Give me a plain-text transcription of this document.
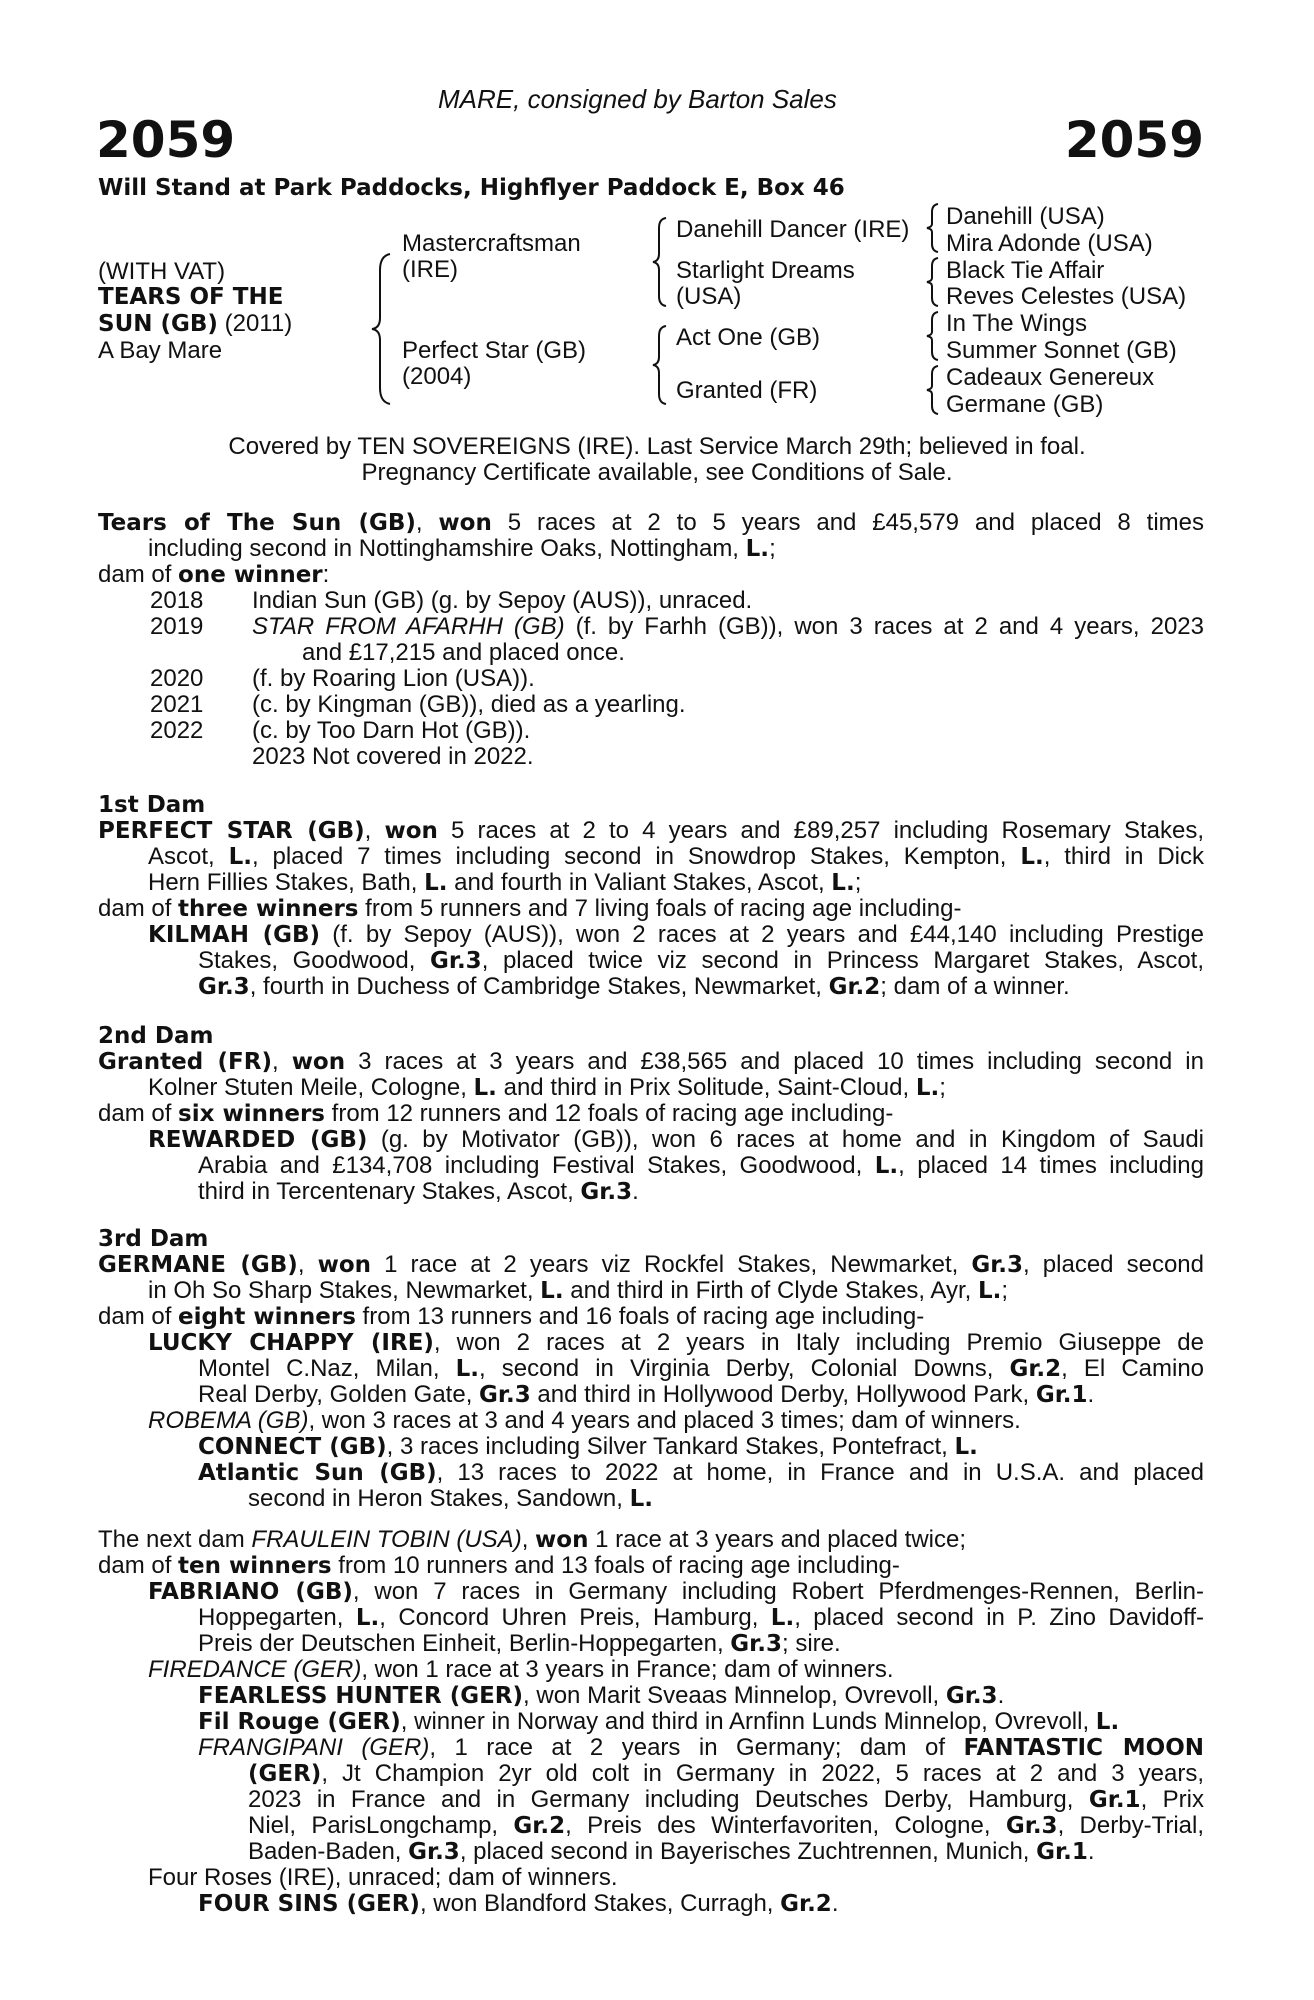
MARE, consigned by Barton Sales
2059	2059
Will Stand at Park Paddocks, Highflyer Paddock E, Box 46
(WITH VAT)
TEARS OF THE
SUN (GB) (2011)
A Bay Mare
Mastercraftsman
(IRE)
Perfect Star (GB)
(2004)
Danehill Dancer (IRE)
Starlight Dreams
(USA)
Act One (GB)
Granted (FR)
Danehill (USA)
Mira Adonde (USA)
Black Tie Affair
Reves Celestes (USA)
In The Wings
Summer Sonnet (GB)
Cadeaux Genereux
Germane (GB)
Covered by TEN SOVEREIGNS (IRE). Last Service March 29th; believed in foal.
Pregnancy Certificate available, see Conditions of Sale.
Tears of The Sun (GB), won 5 races at 2 to 5 years and £45,579 and placed 8 times
including second in Nottinghamshire Oaks, Nottingham, L.;
dam of one winner:
2018 Indian Sun (GB) (g. by Sepoy (AUS)), unraced.
2019 STAR FROM AFARHH (GB) (f. by Farhh (GB)), won 3 races at 2 and 4 years, 2023
and £17,215 and placed once.
2020 (f. by Roaring Lion (USA)).
2021 (c. by Kingman (GB)), died as a yearling.
2022 (c. by Too Darn Hot (GB)).
2023 Not covered in 2022.
1st Dam
PERFECT STAR (GB), won 5 races at 2 to 4 years and £89,257 including Rosemary Stakes,
Ascot, L., placed 7 times including second in Snowdrop Stakes, Kempton, L., third in Dick
Hern Fillies Stakes, Bath, L. and fourth in Valiant Stakes, Ascot, L.;
dam of three winners from 5 runners and 7 living foals of racing age including-
KILMAH (GB) (f. by Sepoy (AUS)), won 2 races at 2 years and £44,140 including Prestige
Stakes, Goodwood, Gr.3, placed twice viz second in Princess Margaret Stakes, Ascot,
Gr.3, fourth in Duchess of Cambridge Stakes, Newmarket, Gr.2; dam of a winner.
2nd Dam
Granted (FR), won 3 races at 3 years and £38,565 and placed 10 times including second in
Kolner Stuten Meile, Cologne, L. and third in Prix Solitude, Saint-Cloud, L.;
dam of six winners from 12 runners and 12 foals of racing age including-
REWARDED (GB) (g. by Motivator (GB)), won 6 races at home and in Kingdom of Saudi
Arabia and £134,708 including Festival Stakes, Goodwood, L., placed 14 times including
third in Tercentenary Stakes, Ascot, Gr.3.
3rd Dam
GERMANE (GB), won 1 race at 2 years viz Rockfel Stakes, Newmarket, Gr.3, placed second
in Oh So Sharp Stakes, Newmarket, L. and third in Firth of Clyde Stakes, Ayr, L.;
dam of eight winners from 13 runners and 16 foals of racing age including-
LUCKY CHAPPY (IRE), won 2 races at 2 years in Italy including Premio Giuseppe de
Montel C.Naz, Milan, L., second in Virginia Derby, Colonial Downs, Gr.2, El Camino
Real Derby, Golden Gate, Gr.3 and third in Hollywood Derby, Hollywood Park, Gr.1.
ROBEMA (GB), won 3 races at 3 and 4 years and placed 3 times; dam of winners.
CONNECT (GB), 3 races including Silver Tankard Stakes, Pontefract, L.
Atlantic Sun (GB), 13 races to 2022 at home, in France and in U.S.A. and placed
second in Heron Stakes, Sandown, L.
The next dam FRAULEIN TOBIN (USA), won 1 race at 3 years and placed twice;
dam of ten winners from 10 runners and 13 foals of racing age including-
FABRIANO (GB), won 7 races in Germany including Robert Pferdmenges-Rennen, Berlin-
Hoppegarten, L., Concord Uhren Preis, Hamburg, L., placed second in P. Zino Davidoff-
Preis der Deutschen Einheit, Berlin-Hoppegarten, Gr.3; sire.
FIREDANCE (GER), won 1 race at 3 years in France; dam of winners.
FEARLESS HUNTER (GER), won Marit Sveaas Minnelop, Ovrevoll, Gr.3.
Fil Rouge (GER), winner in Norway and third in Arnfinn Lunds Minnelop, Ovrevoll, L.
FRANGIPANI (GER), 1 race at 2 years in Germany; dam of FANTASTIC MOON
(GER), Jt Champion 2yr old colt in Germany in 2022, 5 races at 2 and 3 years,
2023 in France and in Germany including Deutsches Derby, Hamburg, Gr.1, Prix
Niel, ParisLongchamp, Gr.2, Preis des Winterfavoriten, Cologne, Gr.3, Derby-Trial,
Baden-Baden, Gr.3, placed second in Bayerisches Zuchtrennen, Munich, Gr.1.
Four Roses (IRE), unraced; dam of winners.
FOUR SINS (GER), won Blandford Stakes, Curragh, Gr.2.
